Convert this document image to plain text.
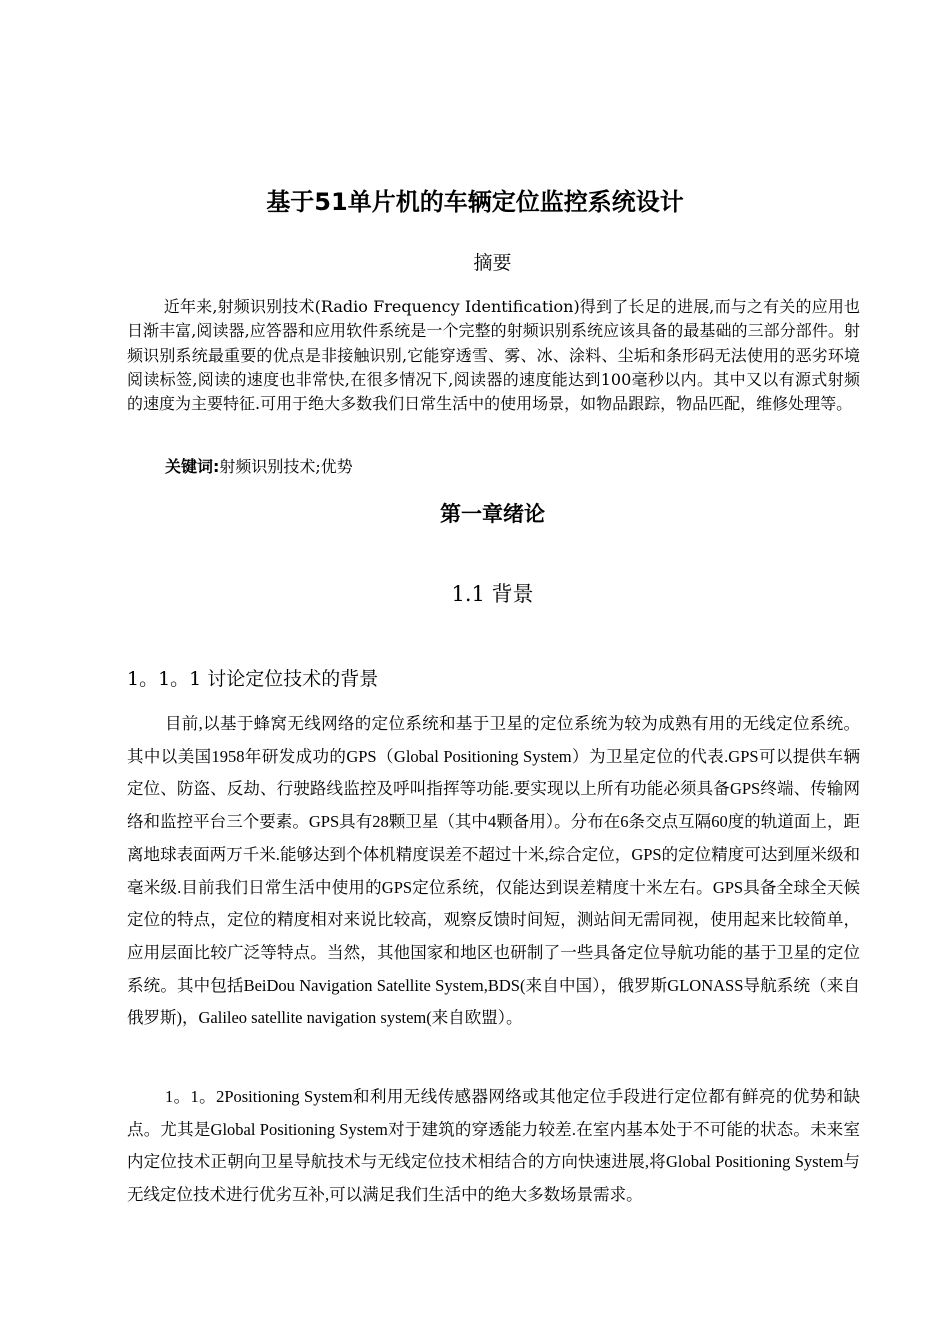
基于51单片机的车辆定位监控系统设计
摘要
近年来,射频识别技术(Radio Frequency Identification)得到了长足的进展,而与之有关的应用也日渐丰富,阅读器,应答器和应用软件系统是一个完整的射频识别系统应该具备的最基础的三部分部件。射频识别系统最重要的优点是非接触识别,它能穿透雪、雾、冰、涂料、尘垢和条形码无法使用的恶劣环境阅读标签,阅读的速度也非常快,在很多情况下,阅读器的速度能达到100毫秒以内。其中又以有源式射频的速度为主要特征.可用于绝大多数我们日常生活中的使用场景，如物品跟踪，物品匹配，维修处理等。
关键词:射频识别技术;优势
第一章绪论
1.1 背景
1。1。1 讨论定位技术的背景
目前,以基于蜂窝无线网络的定位系统和基于卫星的定位系统为较为成熟有用的无线定位系统。其中以美国1958年研发成功的GPS（Global Positioning System）为卫星定位的代表.GPS可以提供车辆定位、防盗、反劫、行驶路线监控及呼叫指挥等功能.要实现以上所有功能必须具备GPS终端、传输网络和监控平台三个要素。GPS具有28颗卫星（其中4颗备用）。分布在6条交点互隔60度的轨道面上，距离地球表面两万千米.能够达到个体机精度误差不超过十米,综合定位，GPS的定位精度可达到厘米级和毫米级.目前我们日常生活中使用的GPS定位系统，仅能达到误差精度十米左右。GPS具备全球全天候定位的特点，定位的精度相对来说比较高，观察反馈时间短，测站间无需同视，使用起来比较简单，应用层面比较广泛等特点。当然，其他国家和地区也研制了一些具备定位导航功能的基于卫星的定位系统。其中包括BeiDou Navigation Satellite System,BDS(来自中国），俄罗斯GLONASS导航系统（来自俄罗斯)，Galileo satellite navigation system(来自欧盟）。
1。1。2Positioning System和利用无线传感器网络或其他定位手段进行定位都有鲜亮的优势和缺点。尤其是Global Positioning System对于建筑的穿透能力较差.在室内基本处于不可能的状态。未来室内定位技术正朝向卫星导航技术与无线定位技术相结合的方向快速进展,将Global Positioning System与无线定位技术进行优劣互补,可以满足我们生活中的绝大多数场景需求。
